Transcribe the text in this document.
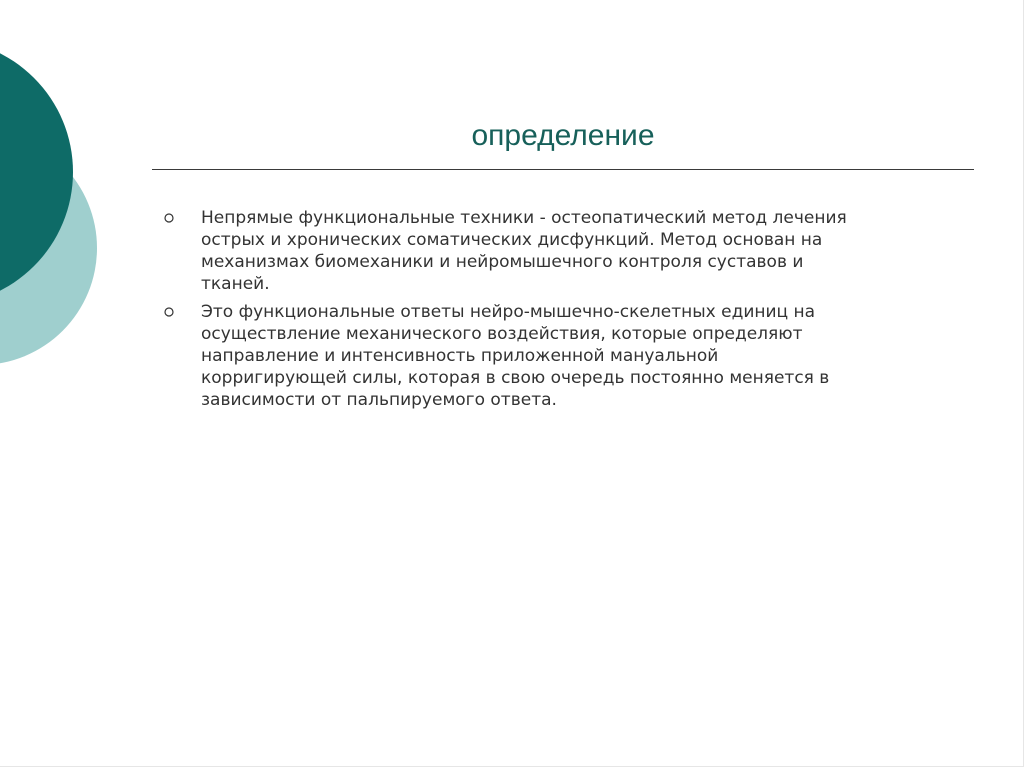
определение
Непрямые функциональные техники - остеопатический метод лечения
острых и хронических соматических дисфункций. Метод основан на
механизмах биомеханики и нейромышечного контроля суставов и
тканей.
Это функциональные ответы нейро-мышечно-скелетных единиц на
осуществление механического воздействия, которые определяют
направление и интенсивность приложенной мануальной
корригирующей силы, которая в свою очередь постоянно меняется в
зависимости от пальпируемого ответа.
